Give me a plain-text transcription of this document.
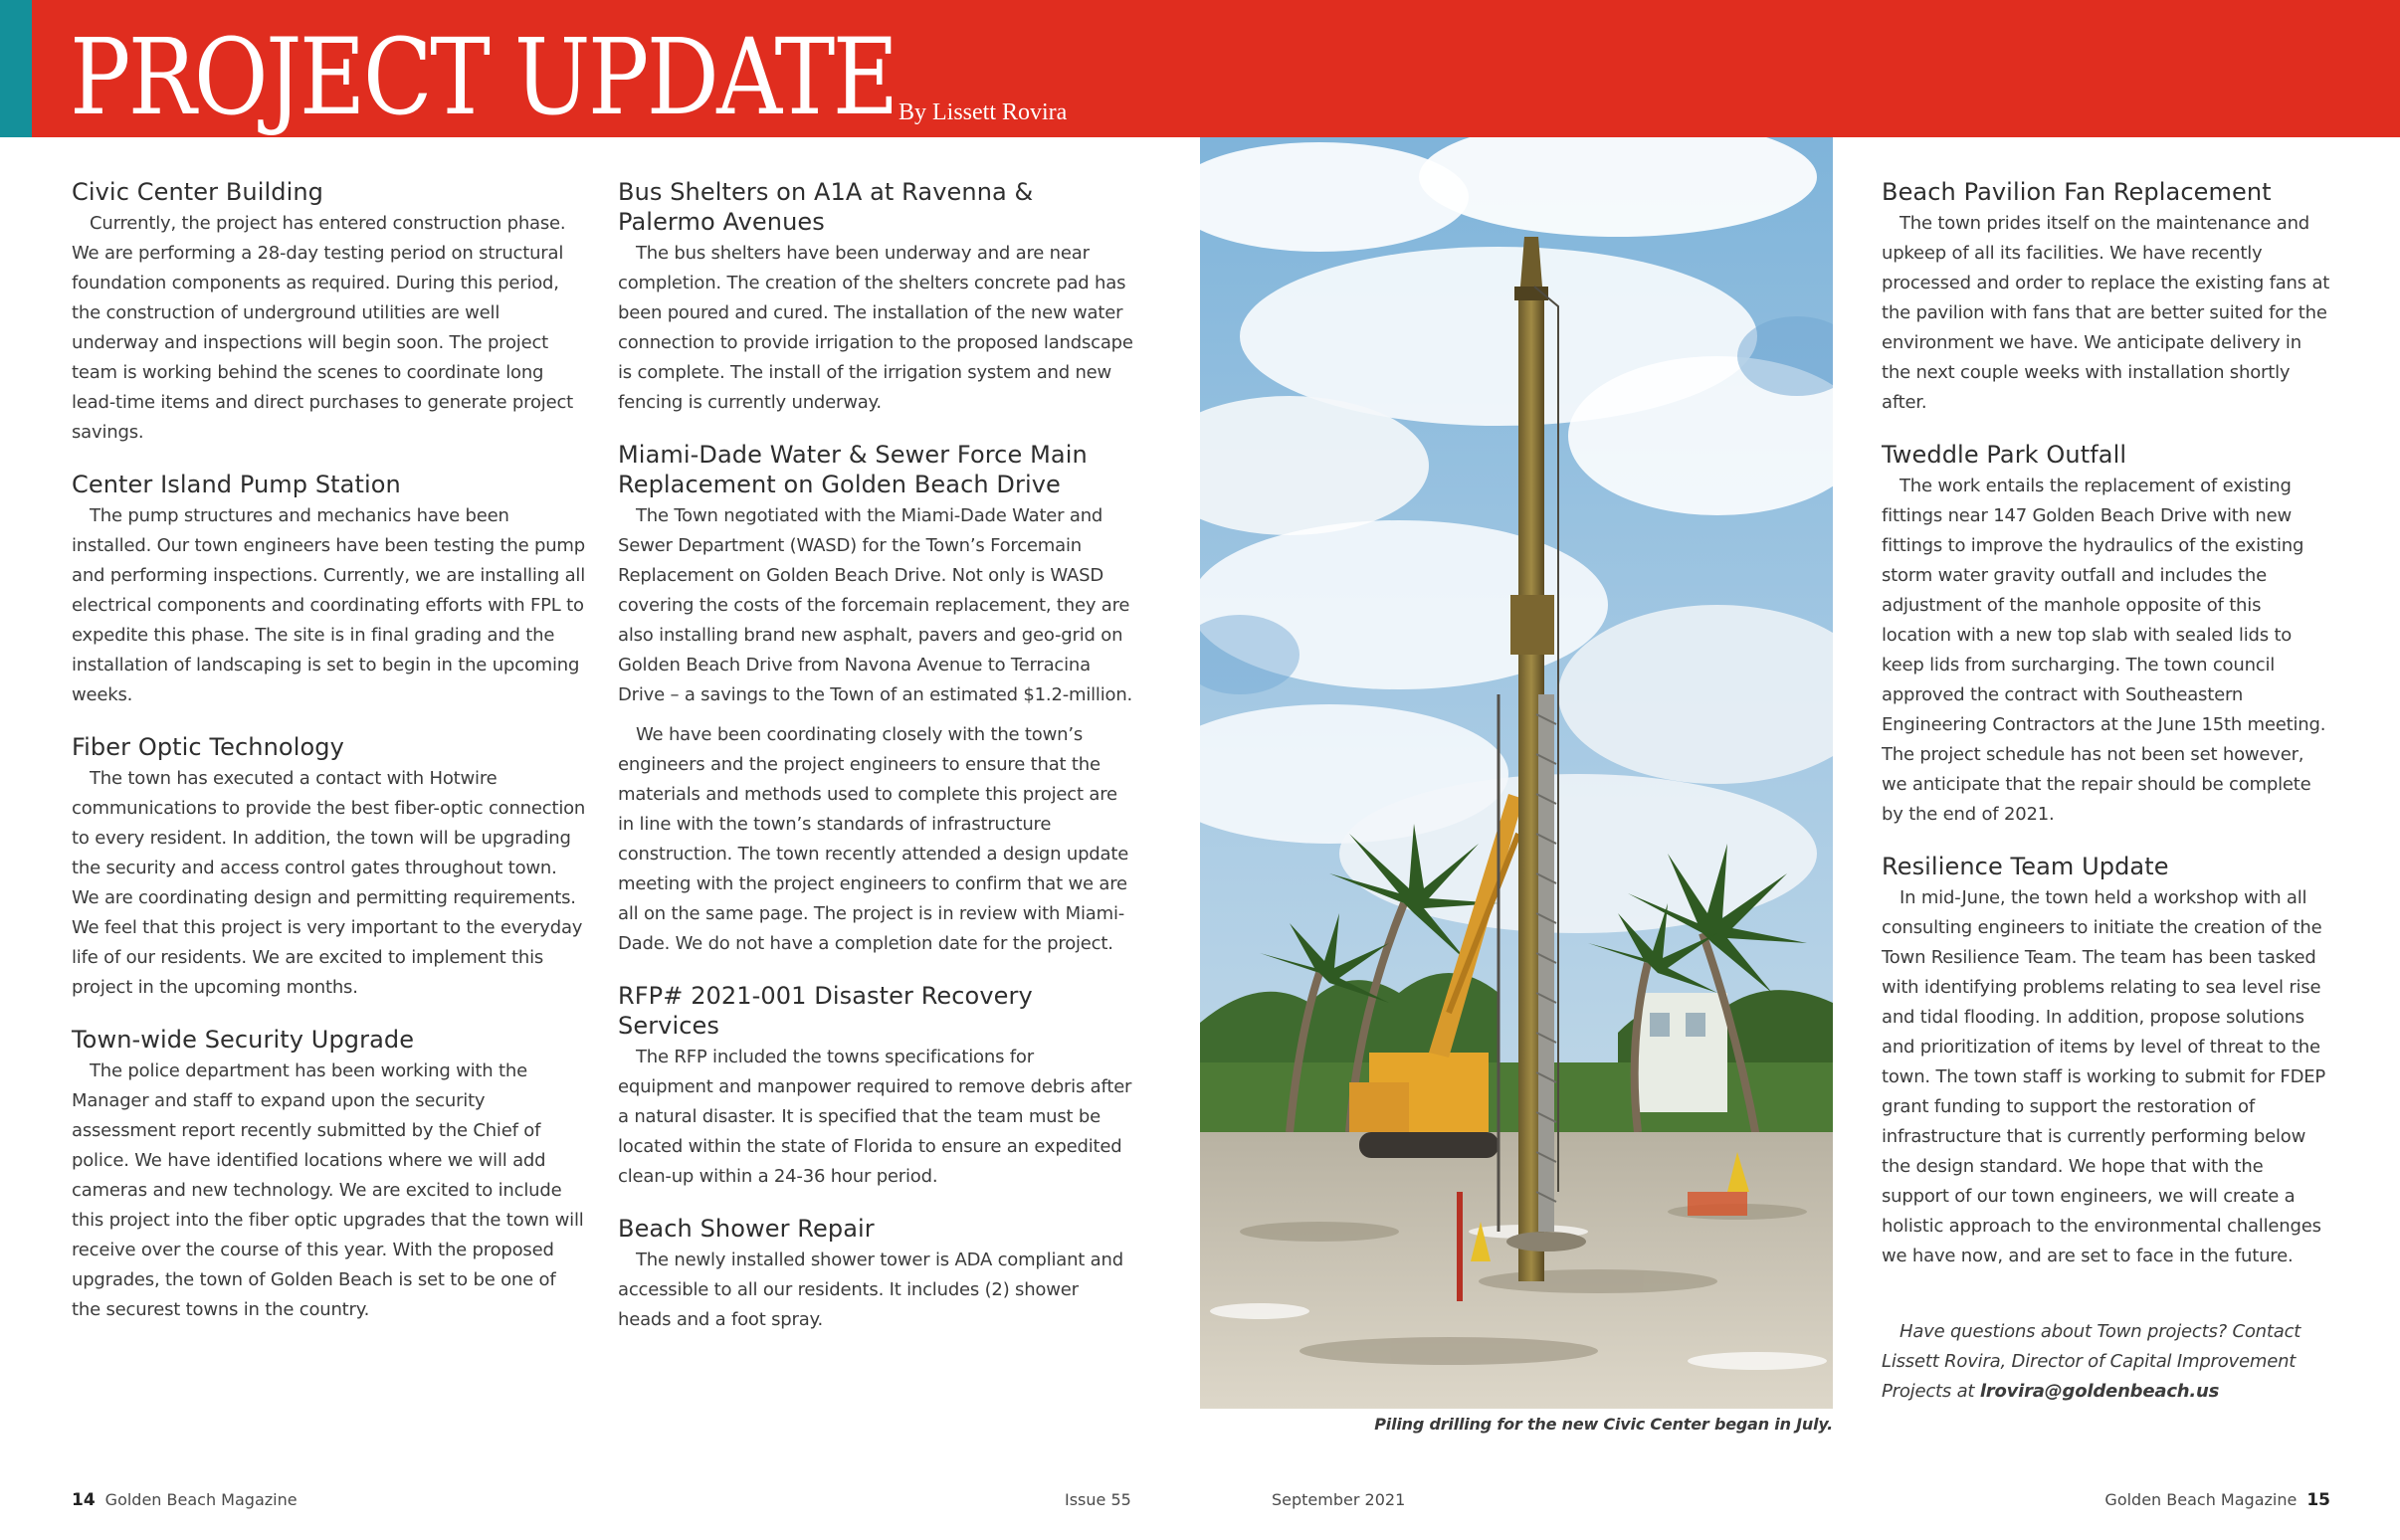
PROJECT UPDATE By Lissett Rovira
Civic Center Building

Currently, the project has entered construction phase. We are performing a 28-day testing period on structural foundation components as required. During this period, the construction of underground utilities are well underway and inspections will begin soon. The project team is working behind the scenes to coordinate long lead-time items and direct purchases to generate project savings.

Center Island Pump Station

The pump structures and mechanics have been installed. Our town engineers have been testing the pump and performing inspections. Currently, we are installing all electrical components and coordinating efforts with FPL to expedite this phase. The site is in final grading and the installation of landscaping is set to begin in the upcoming weeks.

Fiber Optic Technology

The town has executed a contact with Hotwire communications to provide the best fiber-optic connection to every resident. In addition, the town will be upgrading the security and access control gates throughout town. We are coordinating design and permitting requirements. We feel that this project is very important to the everyday life of our residents. We are excited to implement this project in the upcoming months.

Town-wide Security Upgrade

The police department has been working with the Manager and staff to expand upon the security assessment report recently submitted by the Chief of police. We have identified locations where we will add cameras and new technology. We are excited to include this project into the fiber optic upgrades that the town will receive over the course of this year. With the proposed upgrades, the town of Golden Beach is set to be one of the securest towns in the country.

Bus Shelters on A1A at Ravenna & Palermo Avenues

The bus shelters have been underway and are near completion. The creation of the shelters concrete pad has been poured and cured. The installation of the new water connection to provide irrigation to the proposed landscape is complete. The install of the irrigation system and new fencing is currently underway.

Miami-Dade Water & Sewer Force Main Replacement on Golden Beach Drive

The Town negotiated with the Miami-Dade Water and Sewer Department (WASD) for the Town’s Forcemain Replacement on Golden Beach Drive. Not only is WASD covering the costs of the forcemain replacement, they are also installing brand new asphalt, pavers and geo-grid on Golden Beach Drive from Navona Avenue to Terracina Drive – a savings to the Town of an estimated $1.2-million.

We have been coordinating closely with the town’s engineers and the project engineers to ensure that the materials and methods used to complete this project are in line with the town’s standards of infrastructure construction. The town recently attended a design update meeting with the project engineers to confirm that we are all on the same page. The project is in review with Miami-Dade. We do not have a completion date for the project.

RFP# 2021-001 Disaster Recovery Services

The RFP included the towns specifications for equipment and manpower required to remove debris after a natural disaster. It is specified that the team must be located within the state of Florida to ensure an expedited clean-up within a 24-36 hour period.

Beach Shower Repair

The newly installed shower tower is ADA compliant and accessible to all our residents. It includes (2) shower heads and a foot spray.

Piling drilling for the new Civic Center began in July.
Beach Pavilion Fan Replacement

The town prides itself on the maintenance and upkeep of all its facilities. We have recently processed and order to replace the existing fans at the pavilion with fans that are better suited for the environment we have. We anticipate delivery in the next couple weeks with installation shortly after.

Tweddle Park Outfall

The work entails the replacement of existing fittings near 147 Golden Beach Drive with new fittings to improve the hydraulics of the existing storm water gravity outfall and includes the adjustment of the manhole opposite of this location with a new top slab with sealed lids to keep lids from surcharging. The town council approved the contract with Southeastern Engineering Contractors at the June 15th meeting. The project schedule has not been set however, we anticipate that the repair should be complete by the end of 2021.

Resilience Team Update

In mid-June, the town held a workshop with all consulting engineers to initiate the creation of the Town Resilience Team. The team has been tasked with identifying problems relating to sea level rise and tidal flooding. In addition, propose solutions and prioritization of items by level of threat to the town. The town staff is working to submit for FDEP grant funding to support the restoration of infrastructure that is currently performing below the design standard. We hope that with the support of our town engineers, we will create a holistic approach to the environmental challenges we have now, and are set to face in the future.

Have questions about Town projects? Contact Lissett Rovira, Director of Capital Improvement Projects at lrovira@goldenbeach.us

14 Golden Beach Magazine	Issue 55	September 2021	Golden Beach Magazine 15
